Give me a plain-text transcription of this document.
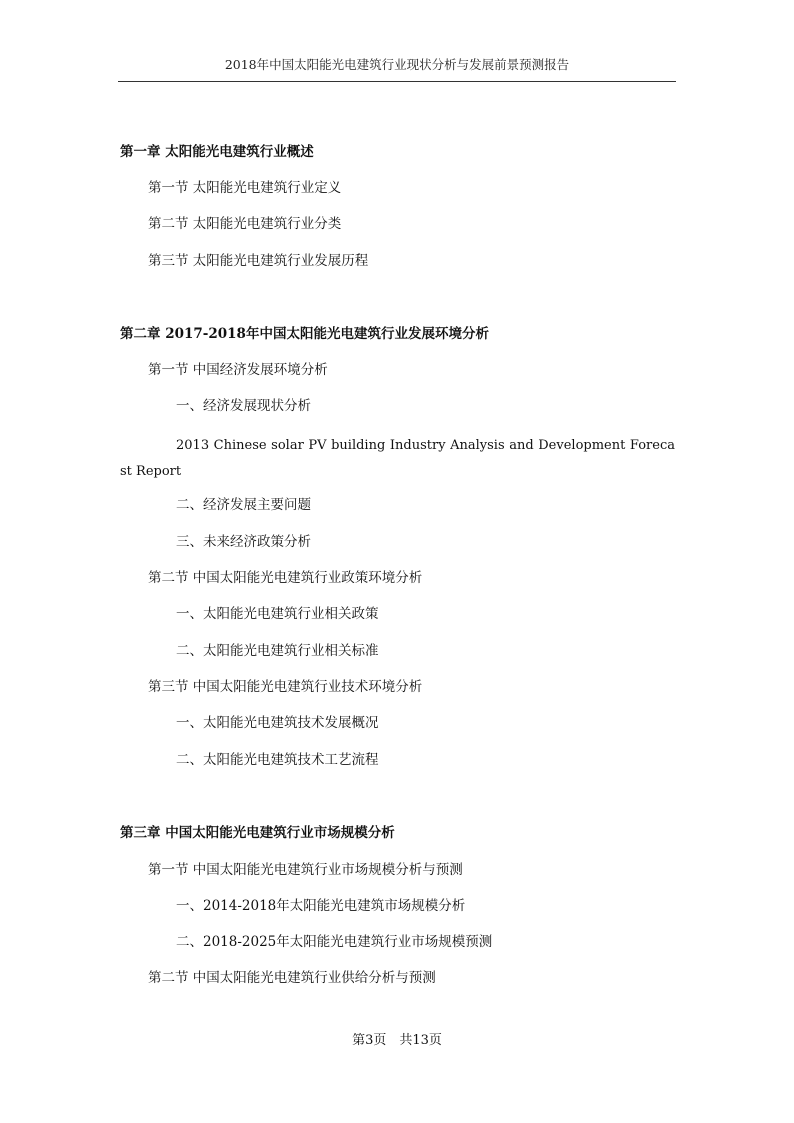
2018年中国太阳能光电建筑行业现状分析与发展前景预测报告
第一章 太阳能光电建筑行业概述
第一节 太阳能光电建筑行业定义
第二节 太阳能光电建筑行业分类
第三节 太阳能光电建筑行业发展历程
第二章 2017-2018年中国太阳能光电建筑行业发展环境分析
第一节 中国经济发展环境分析
一、经济发展现状分析
2013 Chinese solar PV building Industry Analysis and Development Forecast Report
二、经济发展主要问题
三、未来经济政策分析
第二节 中国太阳能光电建筑行业政策环境分析
一、太阳能光电建筑行业相关政策
二、太阳能光电建筑行业相关标准
第三节 中国太阳能光电建筑行业技术环境分析
一、太阳能光电建筑技术发展概况
二、太阳能光电建筑技术工艺流程
第三章 中国太阳能光电建筑行业市场规模分析
第一节 中国太阳能光电建筑行业市场规模分析与预测
一、2014-2018年太阳能光电建筑市场规模分析
二、2018-2025年太阳能光电建筑行业市场规模预测
第二节 中国太阳能光电建筑行业供给分析与预测
第3页　共13页
